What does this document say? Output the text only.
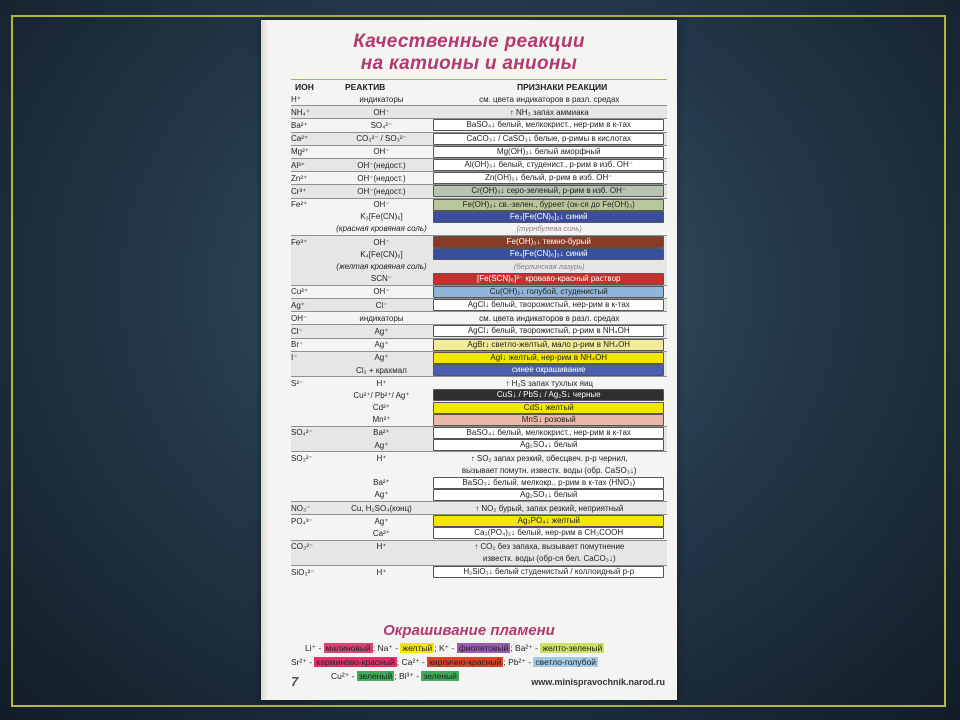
Качественные реакции
на катионы и анионы
ИОН	РЕАКТИВ	ПРИЗНАКИ РЕАКЦИИ
H⁺	индикаторы	см. цвета индикаторов в разл. средах

NH₄⁺	OH⁻	↑ NH₃ запах аммиака

Ba²⁺	SO₄²⁻	BaSO₄↓ белый, мелкокрист., нер-рим в к-тах

Ca²⁺	CO₃²⁻ / SO₃²⁻	CaCO₃↓ / CaSO₃↓ белые, р-римы в кислотах

Mg²⁺	OH⁻	Mg(OH)₂↓ белый аморфный

Al³⁺	OH⁻(недост.)	Al(OH)₃↓ белый, студенист., р-рим в изб. OH⁻

Zn²⁺	OH⁻(недост.)	Zn(OH)₂↓ белый, р-рим в изб. OH⁻

Cr³⁺	OH⁻(недост.)	Cr(OH)₃↓ серо-зеленый, р-рим в изб. OH⁻

Fe²⁺	OH⁻	Fe(OH)₂↓ св.-зелен., буреет (ок-ся до Fe(OH)₃)

	K₃[Fe(CN)₆]	Fe₃[Fe(CN)₆]₂↓ синий

	(красная кровяная соль)	(турнбулева синь)

Fe³⁺	OH⁻	Fe(OH)₃↓ темно-бурый

	K₄[Fe(CN)₆]	Fe₄[Fe(CN)₆]₃↓ синий

	(желтая кровяная соль)	(берлинская лазурь)

	SCN⁻	[Fe(SCN)₆]³⁻ кроваво-красный раствор

Cu²⁺	OH⁻	Cu(OH)₂↓ голубой, студенистый

Ag⁺	Cl⁻	AgCl↓ белый, творожистый, нер-рим в к-тах

OH⁻	индикаторы	см. цвета индикаторов в разл. средах

Cl⁻	Ag⁺	AgCl↓ белый, творожистый, р-рим в NH₄OH

Br⁻	Ag⁺	AgBr↓ светло-желтый, мало р-рим в NH₄OH

I⁻	Ag⁺	AgI↓ желтый, нер-рим в NH₄OH

	Cl₂ + крахмал	синее окрашивание

S²⁻	H⁺	↑ H₂S запах тухлых яиц

	Cu²⁺/ Pb²⁺/ Ag⁺	CuS↓ / PbS↓ / Ag₂S↓ черные

	Cd²⁺	CdS↓ желтый

	Mn²⁺	MnS↓ розовый

SO₄²⁻	Ba²⁺	BaSO₄↓ белый, мелкокрист., нер-рим в к-тах

	Ag⁺	Ag₂SO₄↓ белый

SO₃²⁻	H⁺	↑ SO₂ запах резкий, обесцвеч. р-р чернил,

		вызывает помутн. известк. воды (обр. CaSO₃↓)

	Ba²⁺	BaSO₃↓ белый, мелкокр., р-рим в к-тах (HNO₃)

	Ag⁺	Ag₂SO₃↓ белый

NO₃⁻	Cu, H₂SO₄(конц)	↑ NO₂ бурый, запах резкий, неприятный

PO₄³⁻	Ag⁺	Ag₃PO₄↓ желтый

	Ca²⁺	Ca₃(PO₄)₂↓ белый, нер-рим в CH₃COOH

CO₃²⁻	H⁺	↑ CO₂ без запаха, вызывает помутнение

		известк. воды (обр-ся бел. CaCO₃↓)

SiO₃²⁻	H⁺	H₂SiO₃↓ белый студенистый / коллоидный р-р
Окрашивание пламени
Li⁺ - малиновый ; Na⁺ - желтый ; K⁺ - фиолетовый ; Ba²⁺ - желто-зеленый
Sr²⁺ - карминово-красный ; Ca²⁺ - кирпично-красный ; Pb²⁺ - светло-голубой
Cu²⁺ - зеленый ; Bi³⁺ - зеленый
7	www.minispravochnik.narod.ru
